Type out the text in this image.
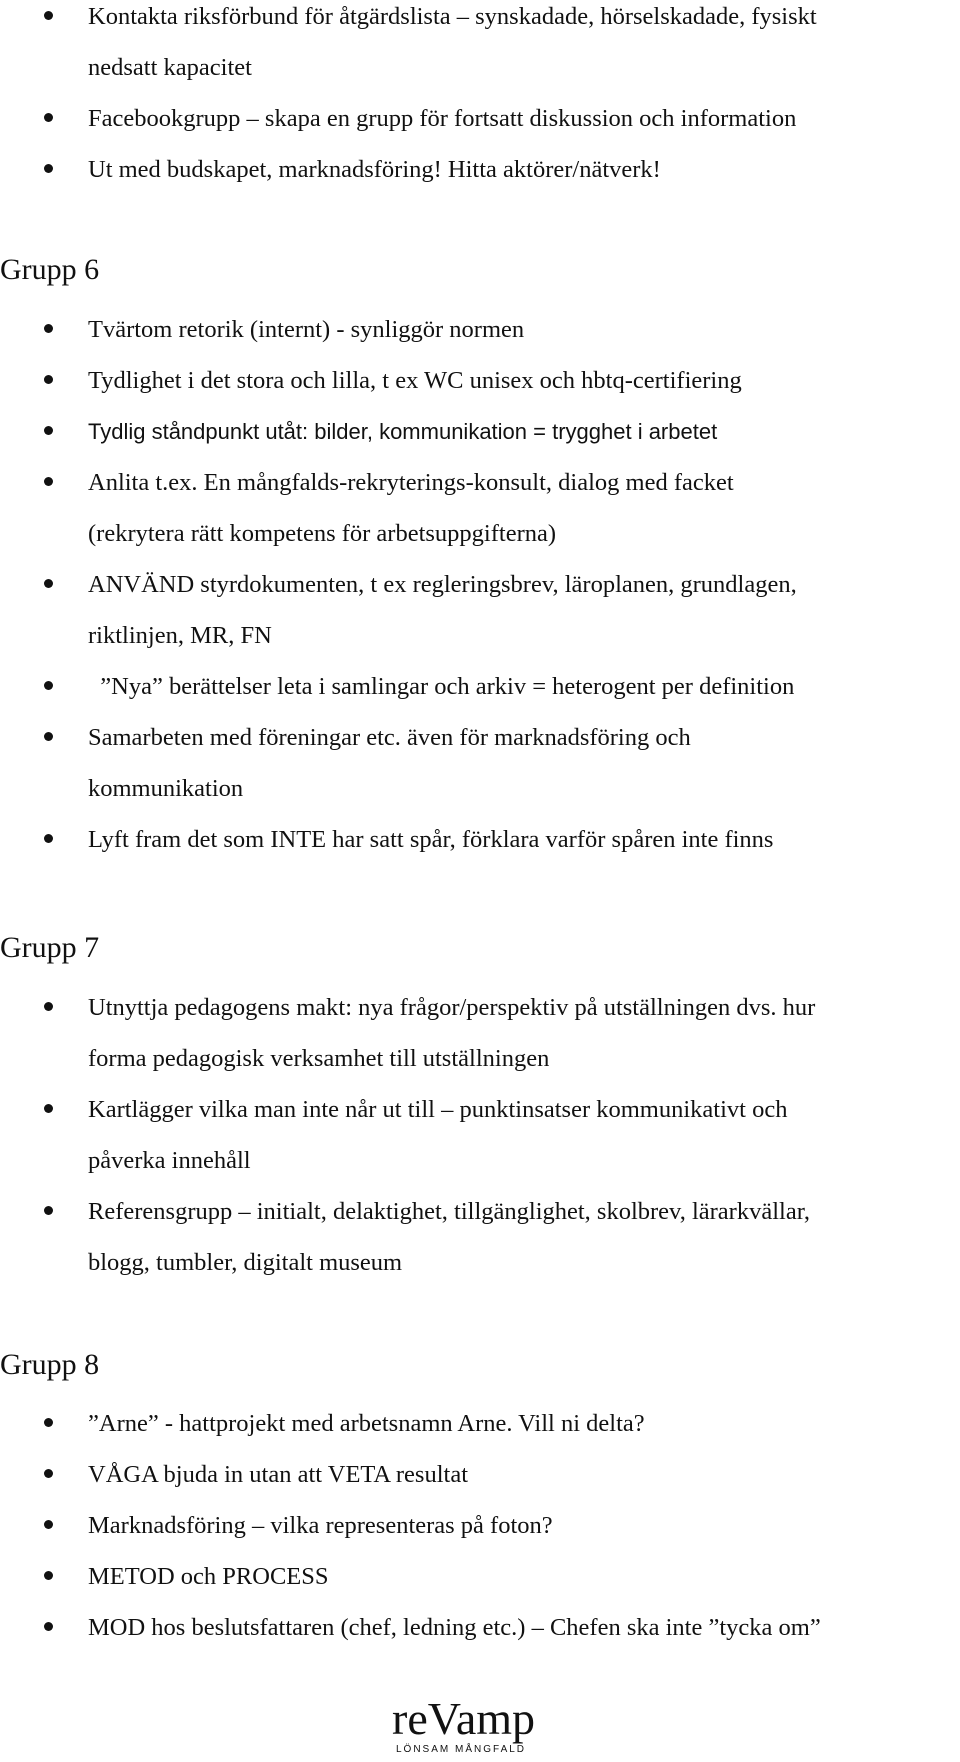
Kontakta riksförbund för åtgärdslista – synskadade, hörselskadade, fysiskt
nedsatt kapacitet
Facebookgrupp – skapa en grupp för fortsatt diskussion och information
Ut med budskapet, marknadsföring! Hitta aktörer/nätverk!
Grupp 6
Tvärtom retorik (internt) - synliggör normen
Tydlighet i det stora och lilla, t ex WC unisex och hbtq-certifiering
Tydlig ståndpunkt utåt: bilder, kommunikation = trygghet i arbetet
Anlita t.ex. En mångfalds-rekryterings-konsult, dialog med facket
(rekrytera rätt kompetens för arbetsuppgifterna)
ANVÄND styrdokumenten, t ex regleringsbrev, läroplanen, grundlagen,
riktlinjen, MR, FN
”Nya” berättelser leta i samlingar och arkiv = heterogent per definition
Samarbeten med föreningar etc. även för marknadsföring och
kommunikation
Lyft fram det som INTE har satt spår, förklara varför spåren inte finns
Grupp 7
Utnyttja pedagogens makt: nya frågor/perspektiv på utställningen dvs. hur
forma pedagogisk verksamhet till utställningen
Kartlägger vilka man inte når ut till – punktinsatser kommunikativt och
påverka innehåll
Referensgrupp – initialt, delaktighet, tillgänglighet, skolbrev, lärarkvällar,
blogg, tumbler, digitalt museum
Grupp 8
”Arne” - hattprojekt med arbetsnamn Arne. Vill ni delta?
VÅGA bjuda in utan att VETA resultat
Marknadsföring – vilka representeras på foton?
METOD och PROCESS
MOD hos beslutsfattaren (chef, ledning etc.) – Chefen ska inte ”tycka om”
reVamp
LÖNSAM MÅNGFALD
